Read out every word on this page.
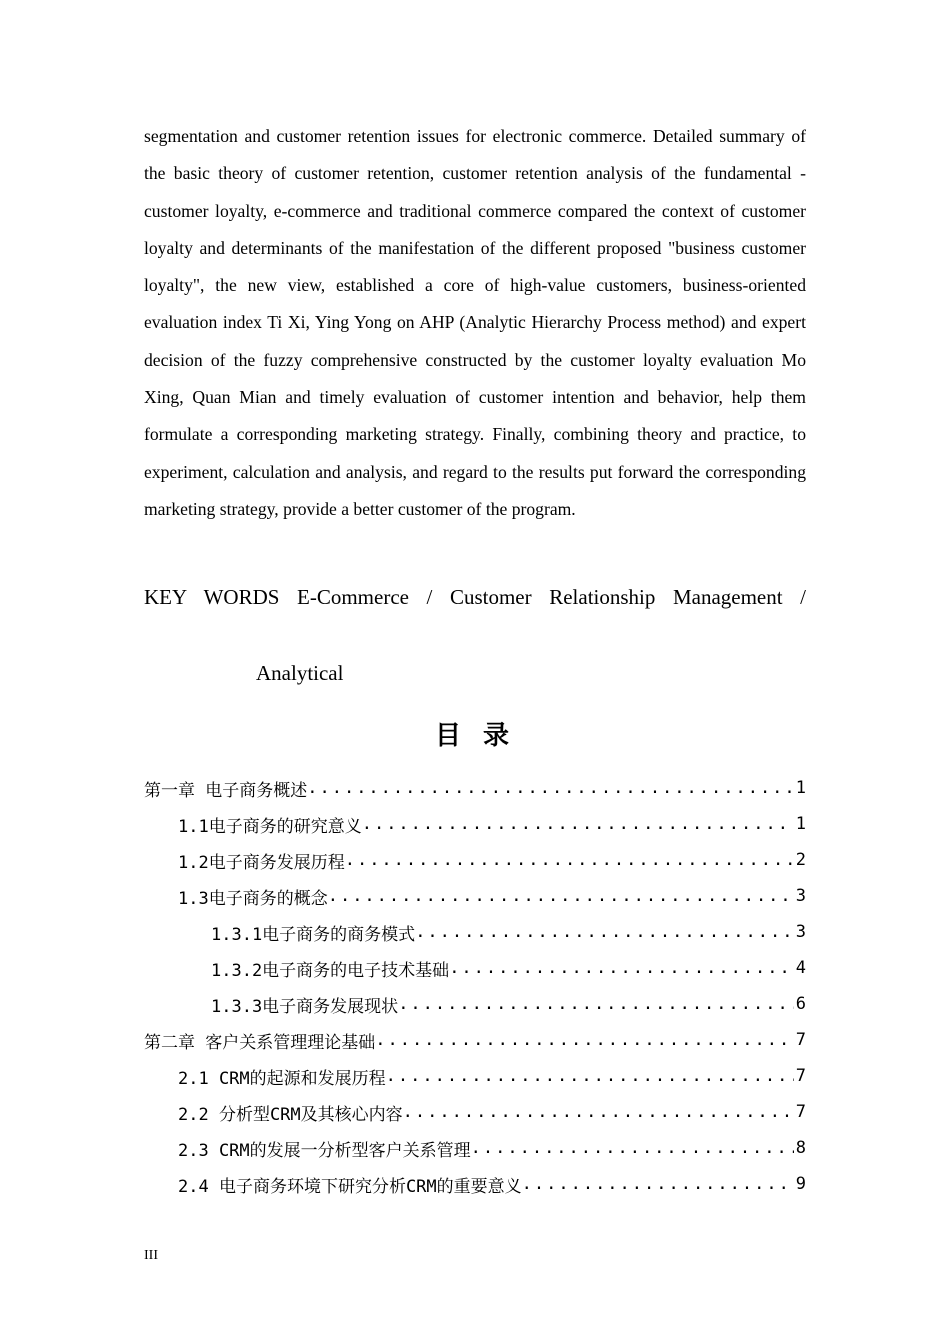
segmentation and customer retention issues for electronic commerce. Detailed summary of the basic theory of customer retention, customer retention analysis of the fundamental - customer loyalty, e-commerce and traditional commerce compared the context of customer loyalty and determinants of the manifestation of the different proposed "business customer loyalty", the new view, established a core of high-value customers, business-oriented evaluation index Ti Xi, Ying Yong on AHP (Analytic Hierarchy Process method) and expert decision of the fuzzy comprehensive constructed by the customer loyalty evaluation Mo Xing, Quan Mian and timely evaluation of customer intention and behavior, help them formulate a corresponding marketing strategy. Finally, combining theory and practice, to experiment, calculation and analysis, and regard to the results put forward the corresponding marketing strategy, provide a better customer of the program.

KEY WORDS E-Commerce / Customer Relationship Management /

Analytical

目录
第一章 电子商务概述 .....	1
1.1电子商务的研究意义 .....	1
1.2电子商务发展历程 .....	2
1.3电子商务的概念 .....	3
1.3.1电子商务的商务模式 .....	3
1.3.2电子商务的电子技术基础 .....	4
1.3.3电子商务发展现状 .....	6
第二章 客户关系管理理论基础 .....	7
2.1 CRM的起源和发展历程 .....	7
2.2 分析型CRM及其核心内容 .....	7
2.3 CRM的发展一分析型客户关系管理 .....	8
2.4 电子商务环境下研究分析CRM的重要意义 .....	9

III
